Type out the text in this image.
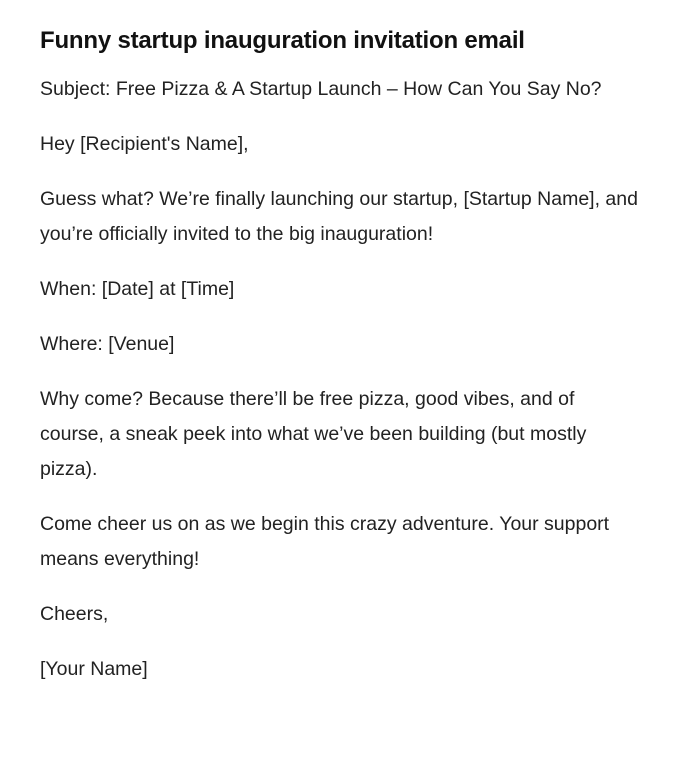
Funny startup inauguration invitation email

Subject: Free Pizza & A Startup Launch – How Can You Say No?

Hey [Recipient's Name],

Guess what? We’re finally launching our startup, [Startup Name], and you’re officially invited to the big inauguration!

When: [Date] at [Time]

Where: [Venue]

Why come? Because there’ll be free pizza, good vibes, and of course, a sneak peek into what we’ve been building (but mostly pizza).

Come cheer us on as we begin this crazy adventure. Your support means everything!

Cheers,

[Your Name]
